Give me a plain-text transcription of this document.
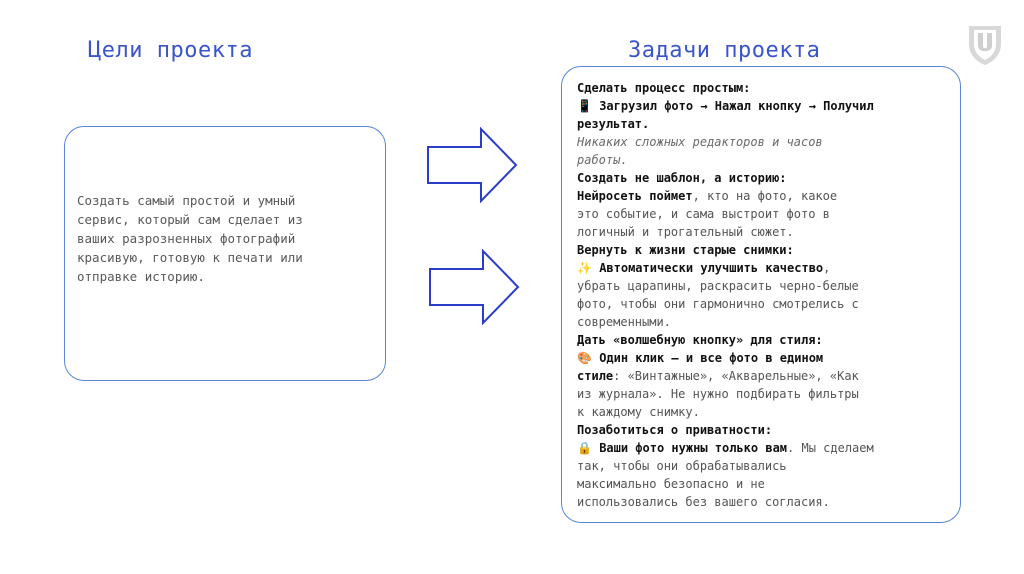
Цели проекта	Задачи проекта
Создать самый простой и умный
сервис, который сам сделает из
ваших разрозненных фотографий
красивую, готовую к печати или
отправке историю.
Сделать процесс простым:
📱 Загрузил фото → Нажал кнопку → Получил
результат.
Никаких сложных редакторов и часов
работы.
Создать не шаблон, а историю:
Нейросеть поймет, кто на фото, какое
это событие, и сама выстроит фото в
логичный и трогательный сюжет.
Вернуть к жизни старые снимки:
✨ Автоматически улучшить качество,
убрать царапины, раскрасить черно-белые
фото, чтобы они гармонично смотрелись с
современными.
Дать «волшебную кнопку» для стиля:
🎨 Один клик — и все фото в едином
стиле: «Винтажные», «Акварельные», «Как
из журнала». Не нужно подбирать фильтры
к каждому снимку.
Позаботиться о приватности:
🔒 Ваши фото нужны только вам. Мы сделаем
так, чтобы они обрабатывались
максимально безопасно и не
использовались без вашего согласия.
